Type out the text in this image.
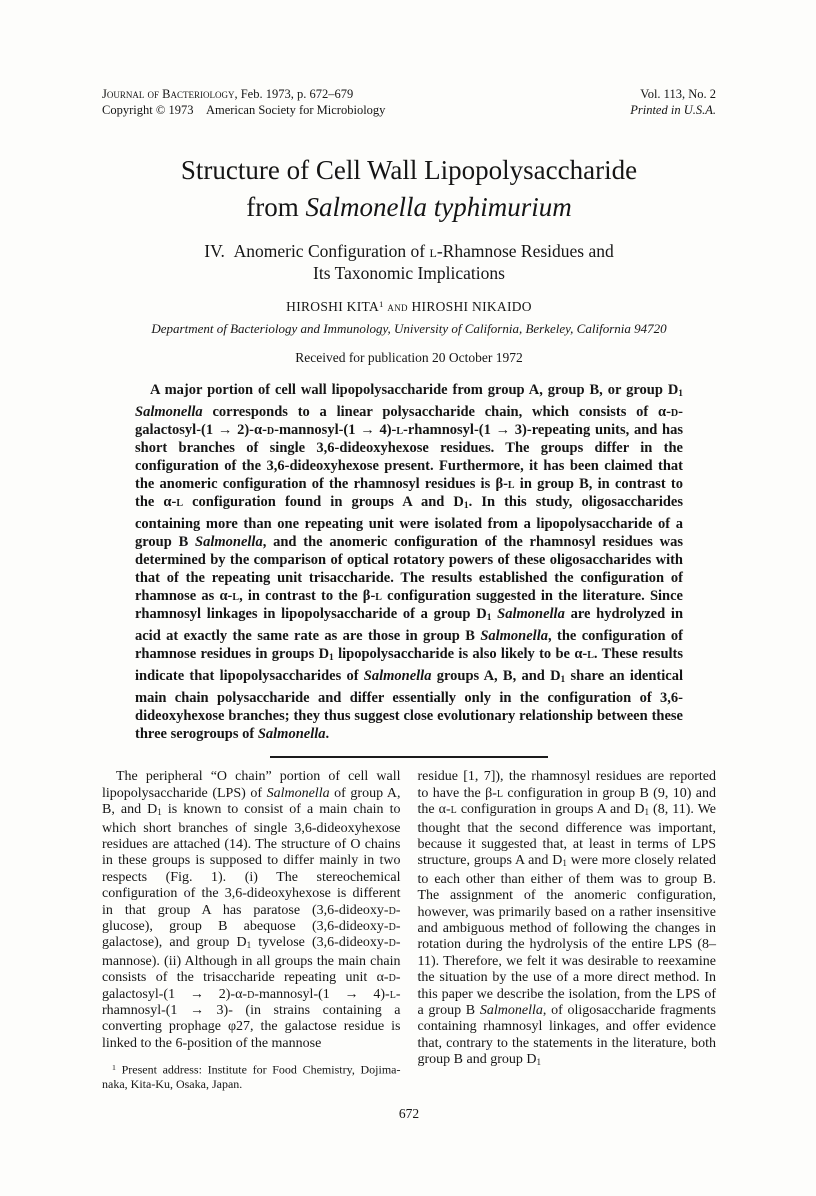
Journal of Bacteriology, Feb. 1973, p. 672–679
Copyright © 1973 American Society for Microbiology
Vol. 113, No. 2
Printed in U.S.A.
Structure of Cell Wall Lipopolysaccharide
from Salmonella typhimurium
IV. Anomeric Configuration of l-Rhamnose Residues and
Its Taxonomic Implications
HIROSHI KITA$^1$ and HIROSHI NIKAIDO
Department of Bacteriology and Immunology, University of California, Berkeley, California 94720
Received for publication 20 October 1972
A major portion of cell wall lipopolysaccharide from group A, group B, or group D1 Salmonella corresponds to a linear polysaccharide chain, which consists of α-d-galactosyl-(1 → 2)-α-d-mannosyl-(1 → 4)-l-rhamnosyl-(1 → 3)-repeating units, and has short branches of single 3,6-dideoxyhexose residues. The groups differ in the configuration of the 3,6-dideoxyhexose present. Furthermore, it has been claimed that the anomeric configuration of the rhamnosyl residues is β-l in group B, in contrast to the α-l configuration found in groups A and D1. In this study, oligosaccharides containing more than one repeating unit were isolated from a lipopolysaccharide of a group B Salmonella, and the anomeric configuration of the rhamnosyl residues was determined by the comparison of optical rotatory powers of these oligosaccharides with that of the repeating unit trisaccharide. The results established the configuration of rhamnose as α-l, in contrast to the β-l configuration suggested in the literature. Since rhamnosyl linkages in lipopolysaccharide of a group D1 Salmonella are hydrolyzed in acid at exactly the same rate as are those in group B Salmonella, the configuration of rhamnose residues in groups D1 lipopolysaccharide is also likely to be α-l. These results indicate that lipopolysaccharides of Salmonella groups A, B, and D1 share an identical main chain polysaccharide and differ essentially only in the configuration of 3,6-dideoxyhexose branches; they thus suggest close evolutionary relationship between these three serogroups of Salmonella.
The peripheral “O chain” portion of cell wall lipopolysaccharide (LPS) of Salmonella of group A, B, and D1 is known to consist of a main chain to which short branches of single 3,6-dideoxyhexose residues are attached (14). The structure of O chains in these groups is supposed to differ mainly in two respects (Fig. 1). (i) The stereochemical configuration of the 3,6-dideoxyhexose is different in that group A has paratose (3,6-dideoxy-d-glucose), group B abequose (3,6-dideoxy-d-galactose), and group D1 tyvelose (3,6-dideoxy-d-mannose). (ii) Although in all groups the main chain consists of the trisaccharide repeating unit α-d-galactosyl-(1 → 2)-α-d-mannosyl-(1 → 4)-l-rhamnosyl-(1 → 3)- (in strains containing a converting prophage φ27, the galactose residue is linked to the 6-position of the mannose
$^1$ Present address: Institute for Food Chemistry, Dojima-naka, Kita-Ku, Osaka, Japan.
residue [1, 7]), the rhamnosyl residues are reported to have the β-l configuration in group B (9, 10) and the α-l configuration in groups A and D1 (8, 11). We thought that the second difference was important, because it suggested that, at least in terms of LPS structure, groups A and D1 were more closely related to each other than either of them was to group B. The assignment of the anomeric configuration, however, was primarily based on a rather insensitive and ambiguous method of following the changes in rotation during the hydrolysis of the entire LPS (8–11). Therefore, we felt it was desirable to reexamine the situation by the use of a more direct method. In this paper we describe the isolation, from the LPS of a group B Salmonella, of oligosaccharide fragments containing rhamnosyl linkages, and offer evidence that, contrary to the statements in the literature, both group B and group D1
672
